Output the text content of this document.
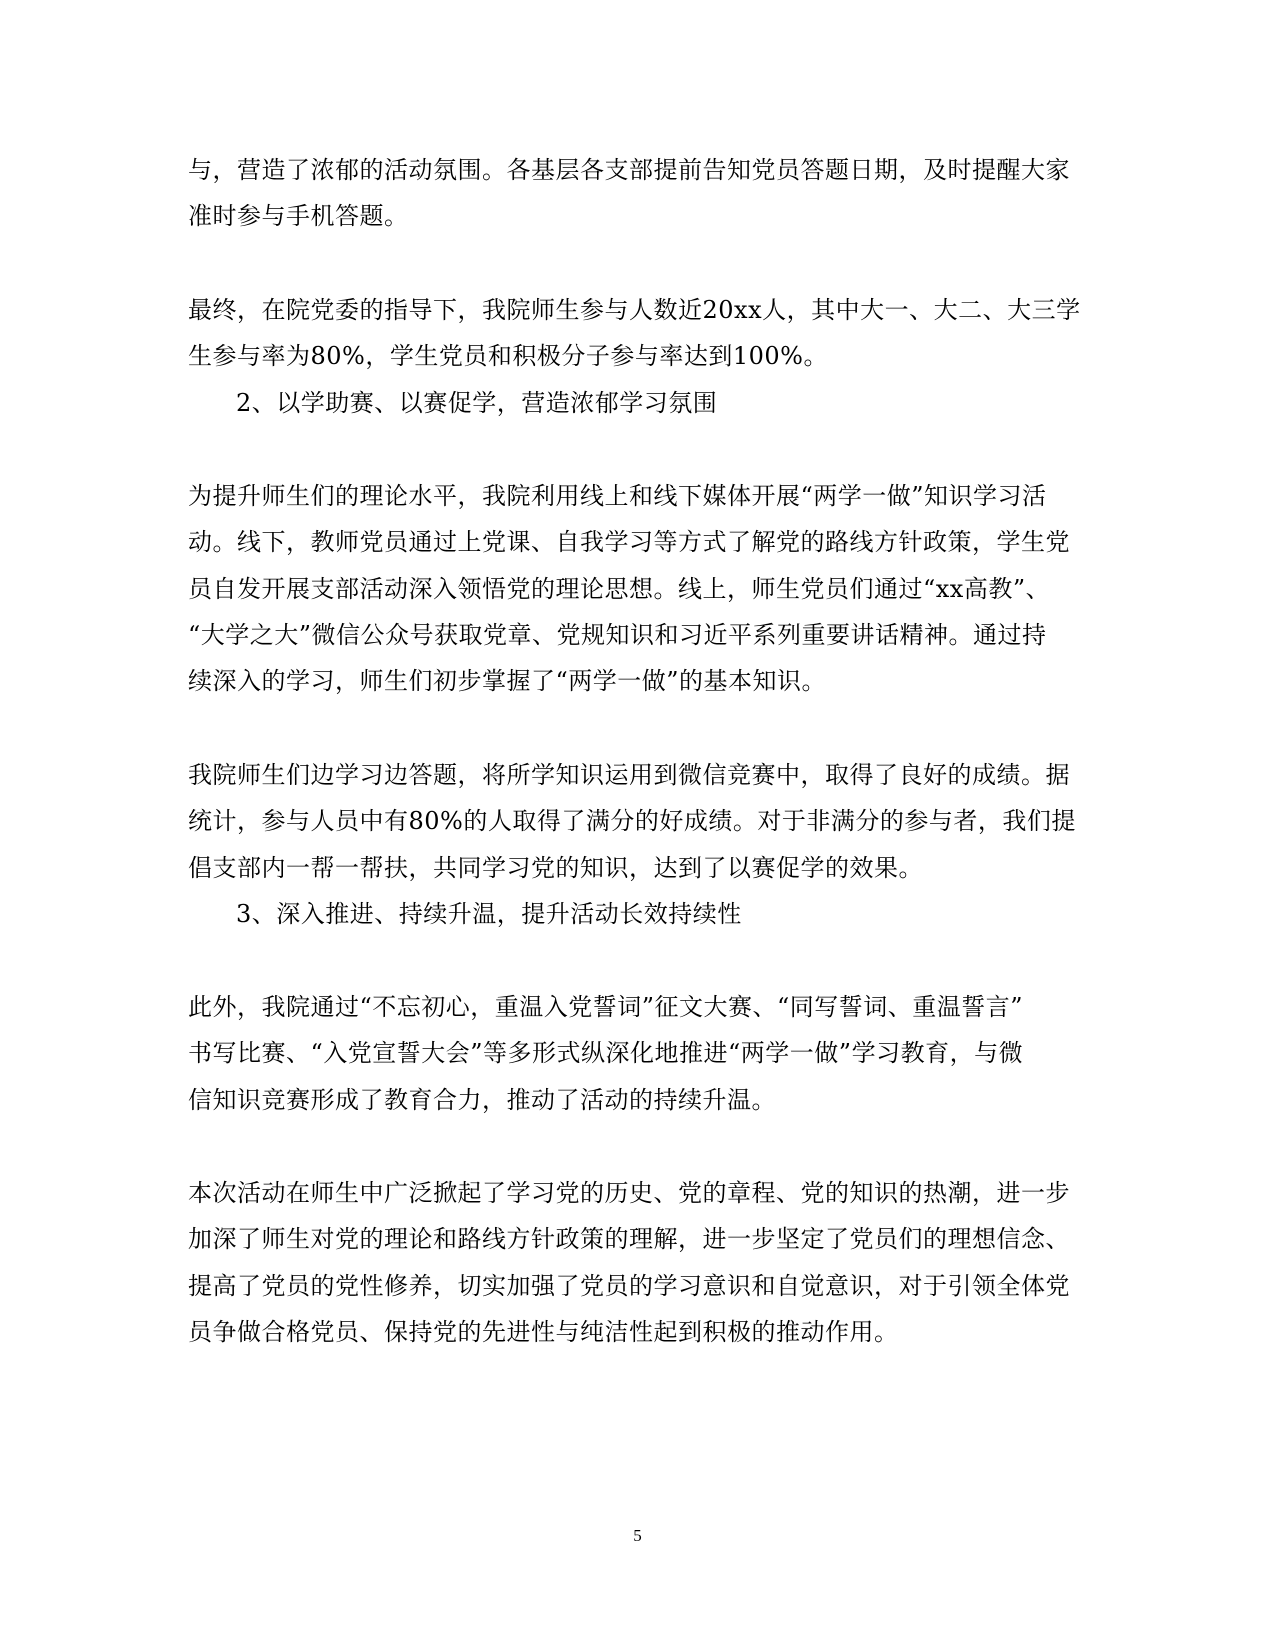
与，营造了浓郁的活动氛围。各基层各支部提前告知党员答题日期，及时提醒大家
准时参与手机答题。
最终，在院党委的指导下，我院师生参与人数近20xx人，其中大一、大二、大三学
生参与率为80%，学生党员和积极分子参与率达到100%。
2、以学助赛、以赛促学，营造浓郁学习氛围
为提升师生们的理论水平，我院利用线上和线下媒体开展“两学一做”知识学习活
动。线下，教师党员通过上党课、自我学习等方式了解党的路线方针政策，学生党
员自发开展支部活动深入领悟党的理论思想。线上，师生党员们通过“xx高教”、
“大学之大”微信公众号获取党章、党规知识和习近平系列重要讲话精神。通过持
续深入的学习，师生们初步掌握了“两学一做”的基本知识。
我院师生们边学习边答题，将所学知识运用到微信竞赛中，取得了良好的成绩。据
统计，参与人员中有80%的人取得了满分的好成绩。对于非满分的参与者，我们提
倡支部内一帮一帮扶，共同学习党的知识，达到了以赛促学的效果。
3、深入推进、持续升温，提升活动长效持续性
此外，我院通过“不忘初心，重温入党誓词”征文大赛、“同写誓词、重温誓言”
书写比赛、“入党宣誓大会”等多形式纵深化地推进“两学一做”学习教育，与微
信知识竞赛形成了教育合力，推动了活动的持续升温。
本次活动在师生中广泛掀起了学习党的历史、党的章程、党的知识的热潮，进一步
加深了师生对党的理论和路线方针政策的理解，进一步坚定了党员们的理想信念、
提高了党员的党性修养，切实加强了党员的学习意识和自觉意识，对于引领全体党
员争做合格党员、保持党的先进性与纯洁性起到积极的推动作用。
5
